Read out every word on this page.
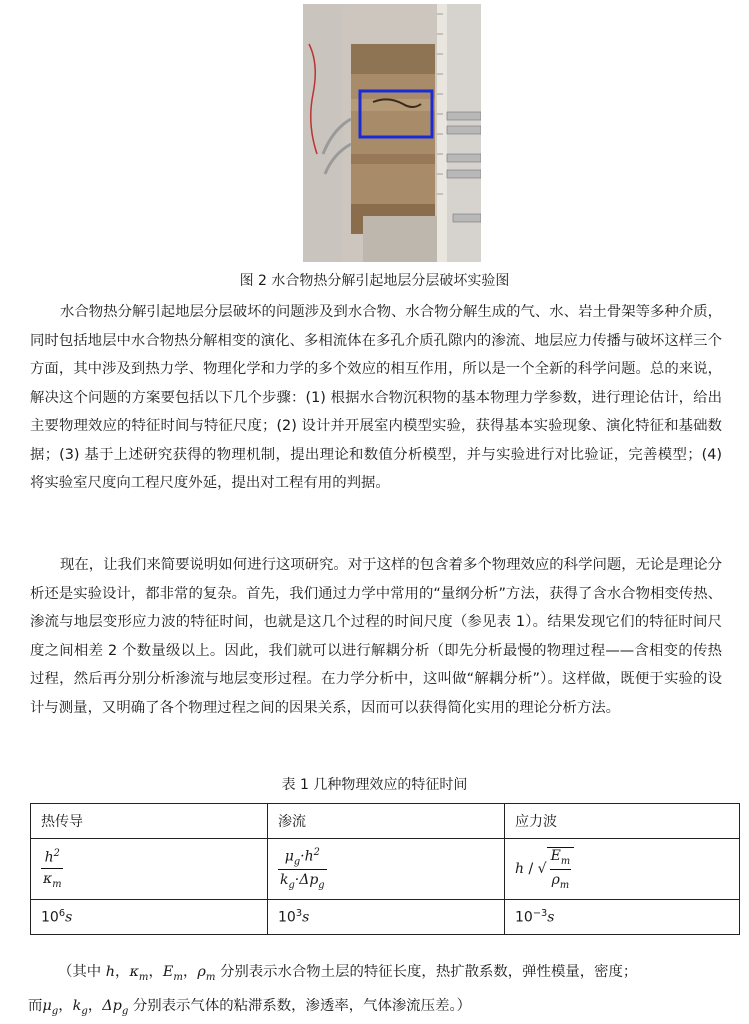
图 2 水合物热分解引起地层分层破坏实验图

水合物热分解引起地层分层破坏的问题涉及到水合物、水合物分解生成的气、水、岩土骨架等多种介质，同时包括地层中水合物热分解相变的演化、多相流体在多孔介质孔隙内的渗流、地层应力传播与破坏这样三个方面，其中涉及到热力学、物理化学和力学的多个效应的相互作用，所以是一个全新的科学问题。总的来说，解决这个问题的方案要包括以下几个步骤：(1) 根据水合物沉积物的基本物理力学参数，进行理论估计，给出主要物理效应的特征时间与特征尺度；(2) 设计并开展室内模型实验，获得基本实验现象、演化特征和基础数据；(3) 基于上述研究获得的物理机制，提出理论和数值分析模型，并与实验进行对比验证，完善模型；(4) 将实验室尺度向工程尺度外延，提出对工程有用的判据。

现在，让我们来简要说明如何进行这项研究。对于这样的包含着多个物理效应的科学问题，无论是理论分析还是实验设计，都非常的复杂。首先，我们通过力学中常用的“量纲分析”方法，获得了含水合物相变传热、渗流与地层变形应力波的特征时间，也就是这几个过程的时间尺度（参见表 1）。结果发现它们的特征时间尺度之间相差 2 个数量级以上。因此，我们就可以进行解耦分析（即先分析最慢的物理过程——含相变的传热过程，然后再分别分析渗流与地层变形过程。在力学分析中，这叫做“解耦分析”）。这样做，既便于实验的设计与测量，又明确了各个物理过程之间的因果关系，因而可以获得简化实用的理论分析方法。

表 1 几种物理效应的特征时间
热传导	渗流	应力波

$\frac{h^2}{\kappa_m}$	$\frac{\mu_g\cdot h^2}{k_g\cdot\Delta p_g}$	h / √ $\frac{E_m}{\rho_m}$

$10^6s$	$10^3s$	$10^{-3}s$
（其中 h，$\kappa_m$，$E_m$，$\rho_m$ 分别表示水合物土层的特征长度，热扩散系数，弹性模量，密度；
而$\mu_g$，$k_g$，$\Delta p_g$ 分别表示气体的粘滞系数，渗透率，气体渗流压差。）
